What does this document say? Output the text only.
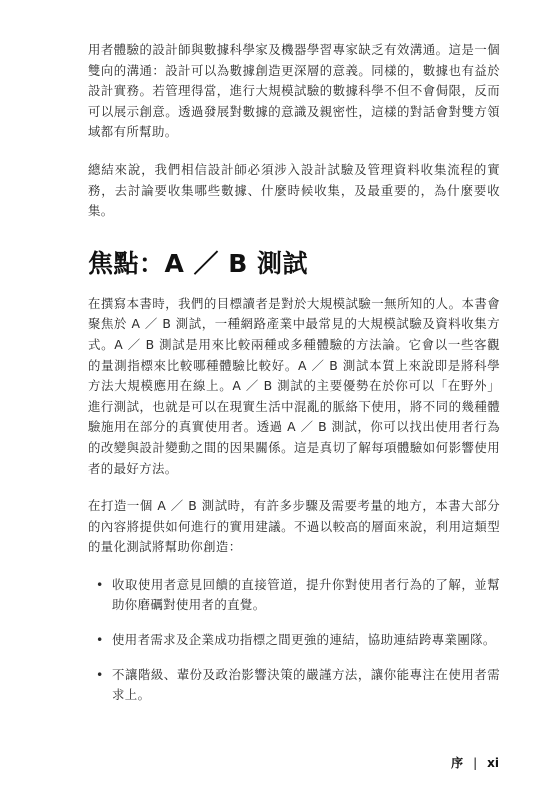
用者體驗的設計師與數據科學家及機器學習專家缺乏有效溝通。這是一個雙向的溝通：設計可以為數據創造更深層的意義。同樣的，數據也有益於設計實務。若管理得當，進行大規模試驗的數據科學不但不會侷限，反而可以展示創意。透過發展對數據的意識及親密性，這樣的對話會對雙方領域都有所幫助。

總結來說，我們相信設計師必須涉入設計試驗及管理資料收集流程的實務，去討論要收集哪些數據、什麼時候收集，及最重要的，為什麼要收集。

焦點：A ／ B 測試

在撰寫本書時，我們的目標讀者是對於大規模試驗一無所知的人。本書會聚焦於 A ／ B 測試，一種網路產業中最常見的大規模試驗及資料收集方式。A ／ B 測試是用來比較兩種或多種體驗的方法論。它會以一些客觀的量測指標來比較哪種體驗比較好。A ／ B 測試本質上來說即是將科學方法大規模應用在線上。A ／ B 測試的主要優勢在於你可以「在野外」進行測試，也就是可以在現實生活中混亂的脈絡下使用，將不同的幾種體驗施用在部分的真實使用者。透過 A ／ B 測試，你可以找出使用者行為的改變與設計變動之間的因果關係。這是真切了解每項體驗如何影響使用者的最好方法。

在打造一個 A ／ B 測試時，有許多步驟及需要考量的地方，本書大部分的內容將提供如何進行的實用建議。不過以較高的層面來說，利用這類型的量化測試將幫助你創造：

• 收取使用者意見回饋的直接管道，提升你對使用者行為的了解，並幫助你磨礪對使用者的直覺。
• 使用者需求及企業成功指標之間更強的連結，協助連結跨專業團隊。
• 不讓階級、輩份及政治影響決策的嚴謹方法，讓你能專注在使用者需求上。
序 | xi
